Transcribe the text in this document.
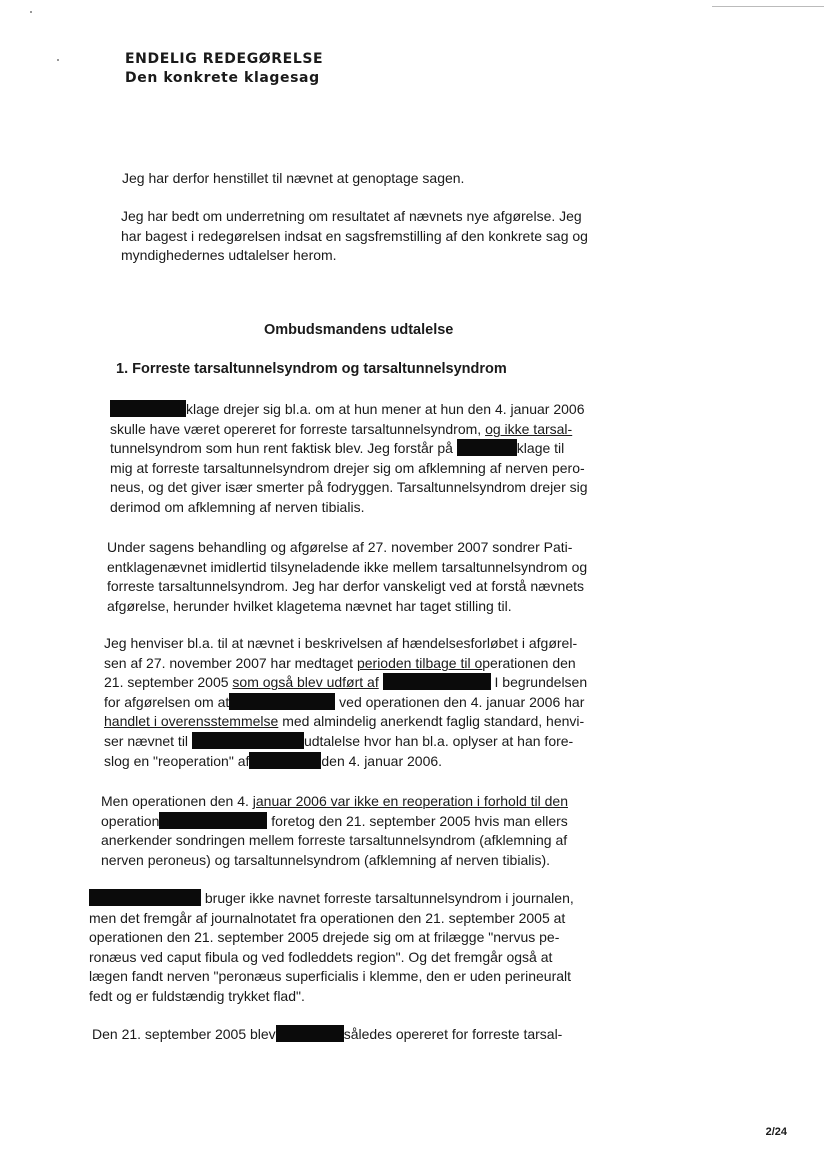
ENDELIG REDEGØRELSE
Den konkrete klagesag
Jeg har derfor henstillet til nævnet at genoptage sagen.
Jeg har bedt om underretning om resultatet af nævnets nye afgørelse. Jeg
har bagest i redegørelsen indsat en sagsfremstilling af den konkrete sag og
myndighedernes udtalelser herom.
Ombudsmandens udtalelse
1. Forreste tarsaltunnelsyndrom og tarsaltunnelsyndrom
klage drejer sig bl.a. om at hun mener at hun den 4. januar 2006
skulle have været opereret for forreste tarsaltunnelsyndrom, og ikke tarsal-
tunnelsyndrom som hun rent faktisk blev. Jeg forstår på	klage til
mig at forreste tarsaltunnelsyndrom drejer sig om afklemning af nerven pero-
neus, og det giver især smerter på fodryggen. Tarsaltunnelsyndrom drejer sig
derimod om afklemning af nerven tibialis.
Under sagens behandling og afgørelse af 27. november 2007 sondrer Pati-
entklagenævnet imidlertid tilsyneladende ikke mellem tarsaltunnelsyndrom og
forreste tarsaltunnelsyndrom. Jeg har derfor vanskeligt ved at forstå nævnets
afgørelse, herunder hvilket klagetema nævnet har taget stilling til.
Jeg henviser bl.a. til at nævnet i beskrivelsen af hændelsesforløbet i afgørel-
sen af 27. november 2007 har medtaget perioden tilbage til operationen den
21. september 2005 som også blev udført af	I begrundelsen
for afgørelsen om at	ved operationen den 4. januar 2006 har
handlet i overensstemmelse med almindelig anerkendt faglig standard, henvi-
ser nævnet til	udtalelse hvor han bl.a. oplyser at han fore-
slog en "reoperation" af	den 4. januar 2006.
Men operationen den 4. januar 2006 var ikke en reoperation i forhold til den
operation	foretog den 21. september 2005 hvis man ellers
anerkender sondringen mellem forreste tarsaltunnelsyndrom (afklemning af
nerven peroneus) og tarsaltunnelsyndrom (afklemning af nerven tibialis).
bruger ikke navnet forreste tarsaltunnelsyndrom i journalen,
men det fremgår af journalnotatet fra operationen den 21. september 2005 at
operationen den 21. september 2005 drejede sig om at frilægge "nervus pe-
ronæus ved caput fibula og ved fodleddets region". Og det fremgår også at
lægen fandt nerven "peronæus superficialis i klemme, den er uden perineuralt
fedt og er fuldstændig trykket flad".
Den 21. september 2005 blev	således opereret for forreste tarsal-
2/24
